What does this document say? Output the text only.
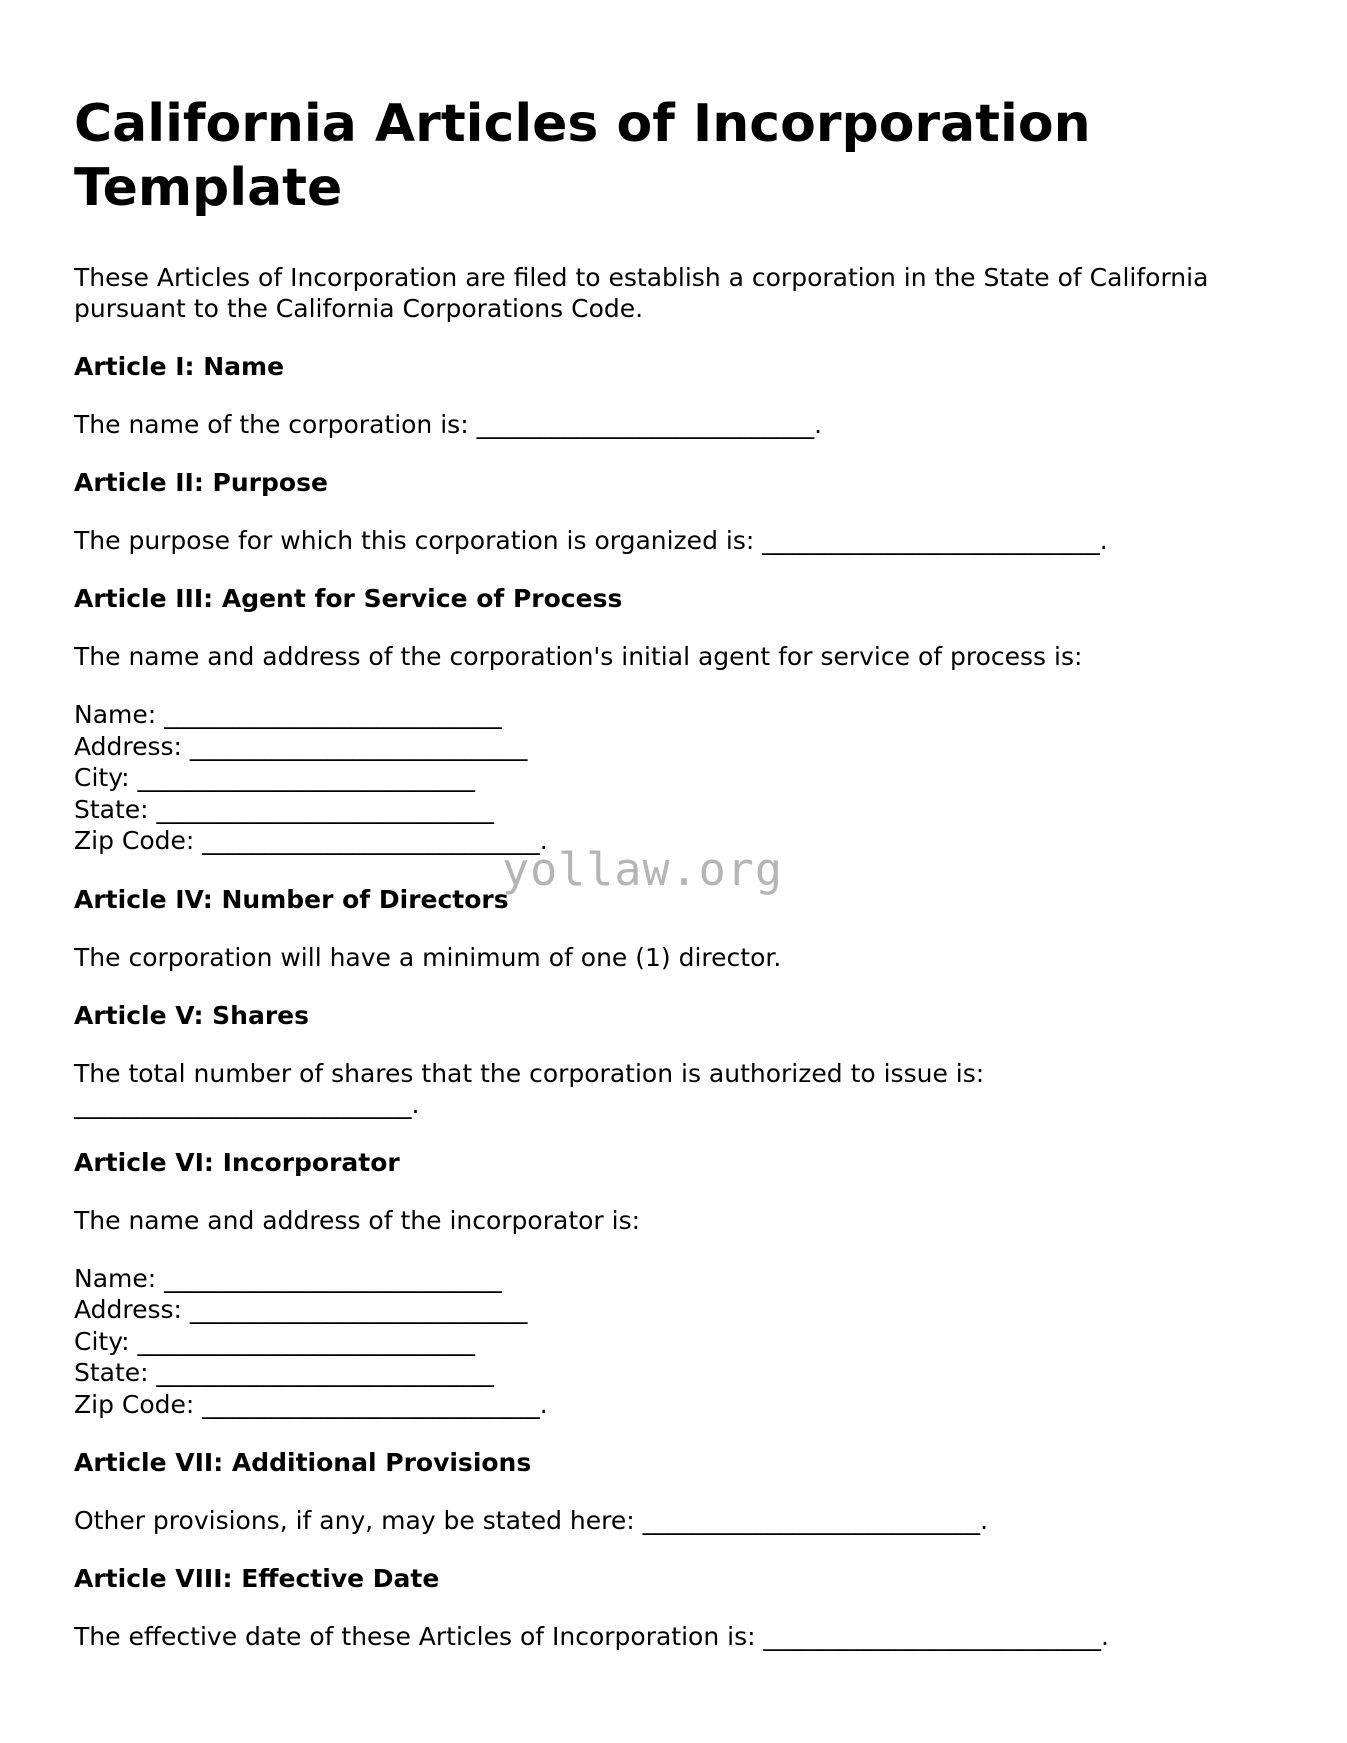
California Articles of Incorporation Template

These Articles of Incorporation are filed to establish a corporation in the State of California pursuant to the California Corporations Code.

Article I: Name
The name of the corporation is: ___________________________.
Article II: Purpose
The purpose for which this corporation is organized is: ___________________________.
Article III: Agent for Service of Process
The name and address of the corporation's initial agent for service of process is:
Name: ___________________________
Address: ___________________________
City: ___________________________
State: ___________________________
Zip Code: ___________________________.
Article IV: Number of Directors
The corporation will have a minimum of one (1) director.
Article V: Shares
The total number of shares that the corporation is authorized to issue is: ___________________________.
Article VI: Incorporator
The name and address of the incorporator is:
Name: ___________________________
Address: ___________________________
City: ___________________________
State: ___________________________
Zip Code: ___________________________.
Article VII: Additional Provisions
Other provisions, if any, may be stated here: ___________________________.
Article VIII: Effective Date
The effective date of these Articles of Incorporation is: ___________________________.
yollaw.org
